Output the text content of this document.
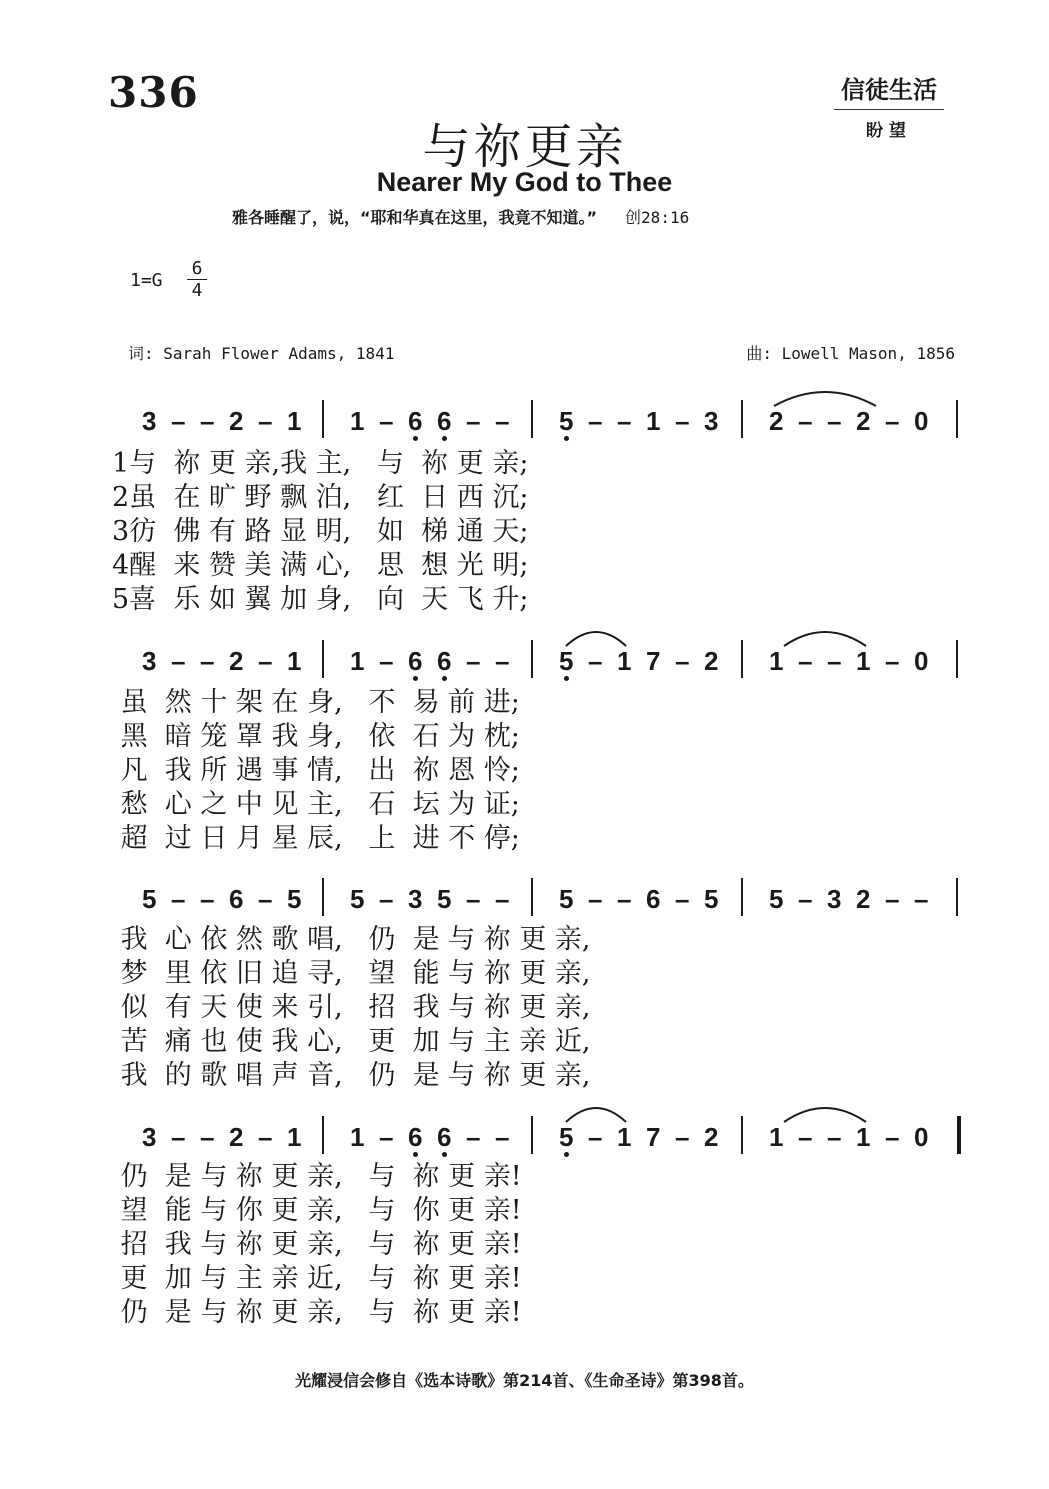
336	信徒生活
盼望
与祢更亲
Nearer My God to Thee
雅各睡醒了，说，“耶和华真在这里，我竟不知道。” 创28:16
1=G
6
4
词: Sarah Flower Adams, 1841	曲: Lowell Mason, 1856
3 – – 2 – 1 1 – 6 6 – – 5 – – 1 – 3 2 – – 2 – 0
1与  祢 更 亲,我 主,   与  祢 更 亲;
2虽  在 旷 野 飘 泊,   红  日 西 沉;
3彷  佛 有 路 显 明,   如  梯 通 天;
4醒  来 赞 美 满 心,   思  想 光 明;
5喜  乐 如 翼 加 身,   向  天 飞 升;
3 – – 2 – 1 1 – 6 6 – – 5 – 1 7 – 2 1 – – 1 – 0
虽  然 十 架 在 身,   不  易 前 进;
黑  暗 笼 罩 我 身,   依  石 为 枕;
凡  我 所 遇 事 情,   出  祢 恩 怜;
愁  心 之 中 见 主,   石  坛 为 证;
超  过 日 月 星 辰,   上  进 不 停;
5 – – 6 – 5 5 – 3 5 – – 5 – – 6 – 5 5 – 3 2 – –
我  心 依 然 歌 唱,   仍  是 与 祢 更 亲,
梦  里 依 旧 追 寻,   望  能 与 祢 更 亲,
似  有 天 使 来 引,   招  我 与 祢 更 亲,
苦  痛 也 使 我 心,   更  加 与 主 亲 近,
我  的 歌 唱 声 音,   仍  是 与 祢 更 亲,
3 – – 2 – 1 1 – 6 6 – – 5 – 1 7 – 2 1 – – 1 – 0
仍  是 与 祢 更 亲,   与  祢 更 亲!
望  能 与 你 更 亲,   与  你 更 亲!
招  我 与 祢 更 亲,   与  祢 更 亲!
更  加 与 主 亲 近,   与  祢 更 亲!
仍  是 与 祢 更 亲,   与  祢 更 亲!
光耀浸信会修自《选本诗歌》第214首、《生命圣诗》第398首。
